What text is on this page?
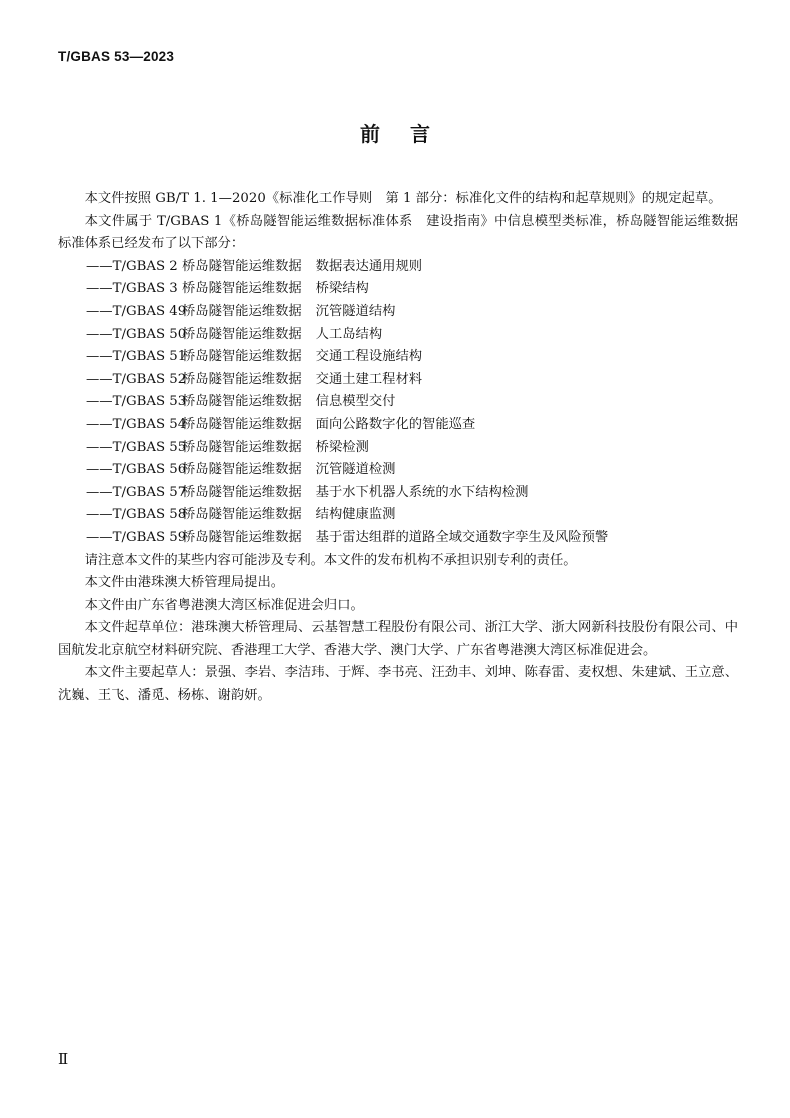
T/GBAS 53—2023
前言

本文件按照 GB/T 1. 1—2020《标准化工作导则　第 1 部分：标准化文件的结构和起草规则》的规定起草。

本文件属于 T/GBAS 1《桥岛隧智能运维数据标准体系　建设指南》中信息模型类标准，桥岛隧智能运维数据标准体系已经发布了以下部分：

——T/GBAS 2 桥岛隧智能运维数据 数据表达通用规则
——T/GBAS 3 桥岛隧智能运维数据 桥梁结构
——T/GBAS 49桥岛隧智能运维数据 沉管隧道结构
——T/GBAS 50桥岛隧智能运维数据 人工岛结构
——T/GBAS 51桥岛隧智能运维数据 交通工程设施结构
——T/GBAS 52桥岛隧智能运维数据 交通土建工程材料
——T/GBAS 53桥岛隧智能运维数据 信息模型交付
——T/GBAS 54桥岛隧智能运维数据 面向公路数字化的智能巡查
——T/GBAS 55桥岛隧智能运维数据 桥梁检测
——T/GBAS 56桥岛隧智能运维数据 沉管隧道检测
——T/GBAS 57桥岛隧智能运维数据 基于水下机器人系统的水下结构检测
——T/GBAS 58桥岛隧智能运维数据 结构健康监测
——T/GBAS 59桥岛隧智能运维数据 基于雷达组群的道路全域交通数字孪生及风险预警

请注意本文件的某些内容可能涉及专利。本文件的发布机构不承担识别专利的责任。

本文件由港珠澳大桥管理局提出。

本文件由广东省粤港澳大湾区标准促进会归口。

本文件起草单位：港珠澳大桥管理局、云基智慧工程股份有限公司、浙江大学、浙大网新科技股份有限公司、中国航发北京航空材料研究院、香港理工大学、香港大学、澳门大学、广东省粤港澳大湾区标准促进会。

本文件主要起草人：景强、李岩、李洁玮、于辉、李书亮、汪劲丰、刘坤、陈春雷、麦权想、朱建斌、王立意、沈巍、王飞、潘觅、杨栋、谢韵妍。

Ⅱ
